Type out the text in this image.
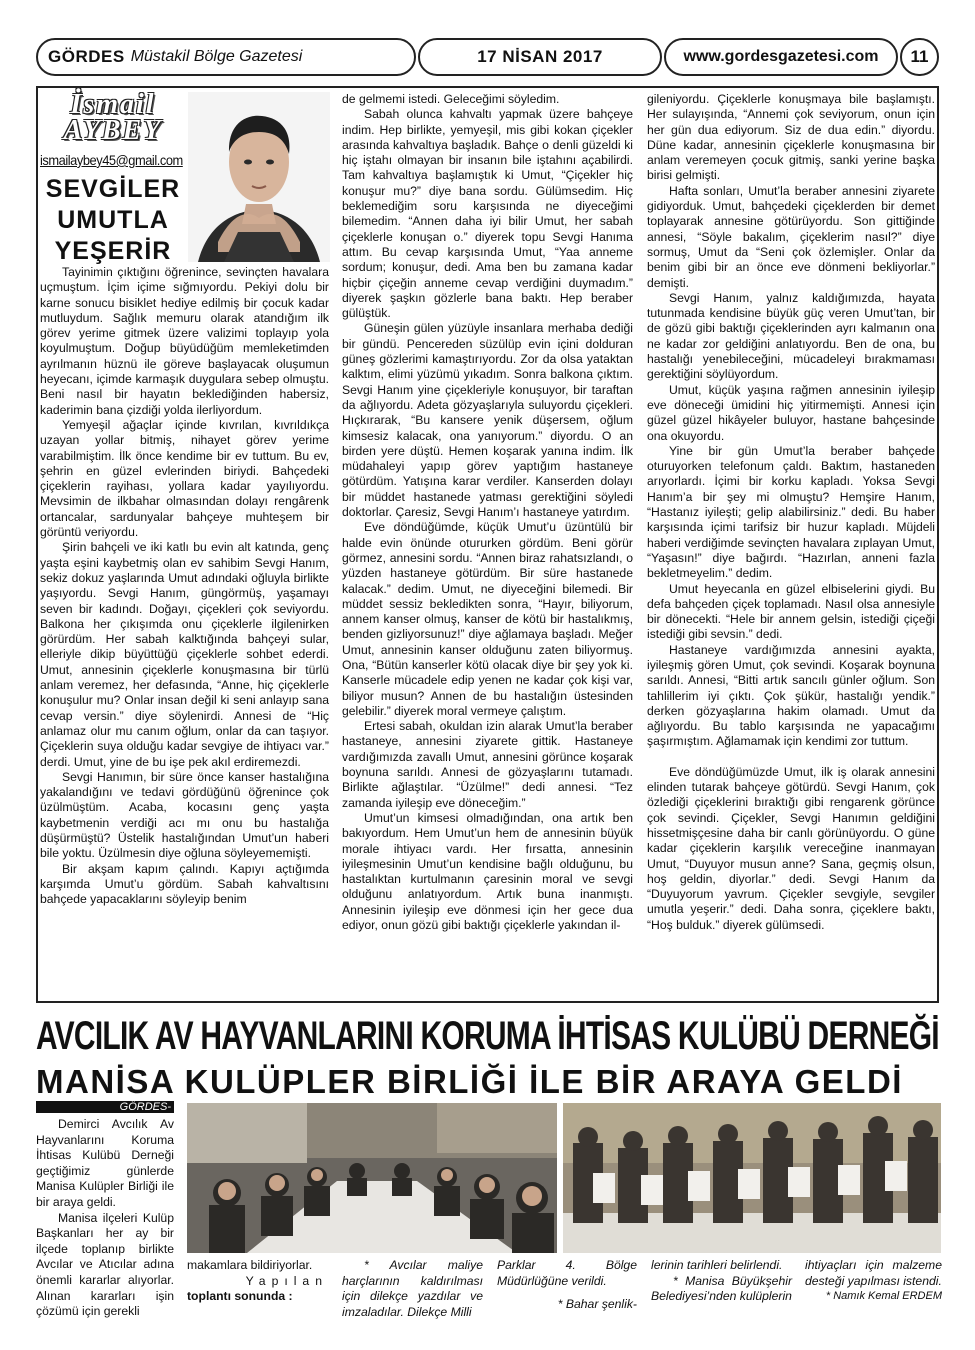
GÖRDES Müstakil Bölge Gazetesi	17 NİSAN 2017	www.gordesgazetesi.com	11
İsmail
AYBEY
ismailaybey45@gmail.com
SEVGİLER UMUTLA YEŞERİR

Tayinimin çıktığını öğrenince, sevinçten havalara uçmuştum. İçim içime sığmıyordu. Pekiyi dolu bir karne sonucu bisiklet hediye edilmiş bir çocuk kadar mutluydum. Sağlık memuru olarak atandığım ilk görev yerime gitmek üzere valizimi toplayıp yola koyulmuştum. Doğup büyüdüğüm memleketimden ayrılmanın hüznü ile göreve başlayacak oluşumun heyecanı, içimde karmaşık duygulara sebep olmuştu. Beni nasıl bir hayatın beklediğinden habersiz, kaderimin bana çizdiği yolda ilerliyordum.

Yemyeşil ağaçlar içinde kıvrılan, kıvrıldıkça uzayan yollar bitmiş, nihayet görev yerime varabilmiştim. İlk önce kendime bir ev tuttum. Bu ev, şehrin en güzel evlerinden biriydi. Bahçedeki çiçeklerin rayihası, yollara kadar yayılıyordu. Mevsimin de ilkbahar olmasından dolayı rengârenk ortancalar, sardunyalar bahçeye muhteşem bir görüntü veriyordu.

Şirin bahçeli ve iki katlı bu evin alt katında, genç yaşta eşini kaybetmiş olan ev sahibim Sevgi Hanım, sekiz dokuz yaşlarında Umut adındaki oğluyla birlikte yaşıyordu. Sevgi Hanım, güngörmüş, yaşamayı seven bir kadındı. Doğayı, çiçekleri çok seviyordu. Balkona her çıkışımda onu çiçeklerle ilgilenirken görürdüm. Her sabah kalktığında bahçeyi sular, elleriyle dikip büyüttüğü çiçeklerle sohbet ederdi. Umut, annesinin çiçeklerle konuşmasına bir türlü anlam veremez, her defasında, “Anne, hiç çiçeklerle konuşulur mu? Onlar insan değil ki seni anlayıp sana cevap versin.” diye söylenirdi. Annesi de “Hiç anlamaz olur mu canım oğlum, onlar da can taşıyor. Çiçeklerin suya olduğu kadar sevgiye de ihtiyacı var.” derdi. Umut, yine de bu işe pek akıl erdiremezdi.

Sevgi Hanımın, bir süre önce kanser hastalığına yakalandığını ve tedavi gördüğünü öğrenince çok üzülmüştüm. Acaba, kocasını genç yaşta kaybetmenin verdiği acı mı onu bu hastalığa düşürmüştü? Üstelik hastalığından Umut’un haberi bile yoktu. Üzülmesin diye oğluna söyleyememişti.

Bir akşam kapım çalındı. Kapıyı açtığımda karşımda Umut’u gördüm. Sabah kahvaltısını bahçede yapacaklarını söyleyip benim

de gelmemi istedi. Geleceğimi söyledim.

Sabah olunca kahvaltı yapmak üzere bahçeye indim. Hep birlikte, yemyeşil, mis gibi kokan çiçekler arasında kahvaltıya başladık. Bahçe o denli güzeldi ki hiç iştahı olmayan bir insanın bile iştahını açabilirdi. Tam kahvaltıya başlamıştık ki Umut, “Çiçekler hiç konuşur mu?” diye bana sordu. Gülümsedim. Hiç beklemediğim soru karşısında ne diyeceğimi bilemedim. “Annen daha iyi bilir Umut, her sabah çiçeklerle konuşan o.” diyerek topu Sevgi Hanıma attım. Bu cevap karşısında Umut, “Yaa anneme sordum; konuşur, dedi. Ama ben bu zamana kadar hiçbir çiçeğin anneme cevap verdiğini duymadım.” diyerek şaşkın gözlerle bana baktı. Hep beraber gülüştük.

Güneşin gülen yüzüyle insanlara merhaba dediği bir gündü. Pencereden süzülüp evin içini dolduran güneş gözlerimi kamaştırıyordu. Zor da olsa yataktan kalktım, elimi yüzümü yıkadım. Sonra balkona çıktım. Sevgi Hanım yine çiçekleriyle konuşuyor, bir taraftan da ağlıyordu. Adeta gözyaşlarıyla suluyordu çiçekleri. Hıçkırarak, “Bu kansere yenik düşersem, oğlum kimsesiz kalacak, ona yanıyorum.” diyordu. O an birden yere düştü. Hemen koşarak yanına indim. İlk müdahaleyi yapıp görev yaptığım hastaneye götürdüm. Yatışına karar verdiler. Kanserden dolayı bir müddet hastanede yatması gerektiğini söyledi doktorlar. Çaresiz, Sevgi Hanım’ı hastaneye yatırdım.

Eve döndüğümde, küçük Umut’u üzüntülü bir halde evin önünde otururken gördüm. Beni görür görmez, annesini sordu. “Annen biraz rahatsızlandı, o yüzden hastaneye götürdüm. Bir süre hastanede kalacak.” dedim. Umut, ne diyeceğini bilemedi. Bir müddet sessiz bekledikten sonra, “Hayır, biliyorum, annem kanser olmuş, kanser de kötü bir hastalıkmış, benden gizliyorsunuz!” diye ağlamaya başladı. Meğer Umut, annesinin kanser olduğunu zaten biliyormuş. Ona, “Bütün kanserler kötü olacak diye bir şey yok ki. Kanserle mücadele edip yenen ne kadar çok kişi var, biliyor musun? Annen de bu hastalığın üstesinden gelebilir.” diyerek moral vermeye çalıştım.

Ertesi sabah, okuldan izin alarak Umut’la beraber hastaneye, annesini ziyarete gittik. Hastaneye vardığımızda zavallı Umut, annesini görünce koşarak boynuna sarıldı. Annesi de gözyaşlarını tutamadı. Birlikte ağlaştılar. “Üzülme!” dedi annesi. “Tez zamanda iyileşip eve döneceğim.”

Umut’un kimsesi olmadığından, ona artık ben bakıyordum. Hem Umut’un hem de annesinin büyük morale ihtiyacı vardı. Her fırsatta, annesinin iyileşmesinin Umut’un kendisine bağlı olduğunu, bu hastalıktan kurtulmanın çaresinin moral ve sevgi olduğunu anlatıyordum. Artık buna inanmıştı. Annesinin iyileşip eve dönmesi için her gece dua ediyor, onun gözü gibi baktığı çiçeklerle yakından il-

gileniyordu. Çiçeklerle konuşmaya bile başlamıştı. Her sulayışında, “Annemi çok seviyorum, onun için her gün dua ediyorum. Siz de dua edin.” diyordu. Düne kadar, annesinin çiçeklerle konuşmasına bir anlam veremeyen çocuk gitmiş, sanki yerine başka birisi gelmişti.

Hafta sonları, Umut’la beraber annesini ziyarete gidiyorduk. Umut, bahçedeki çiçeklerden bir demet toplayarak annesine götürüyordu. Son gittiğinde annesi, “Söyle bakalım, çiçeklerim nasıl?” diye sormuş, Umut da “Seni çok özlemişler. Onlar da benim gibi bir an önce eve dönmeni bekliyorlar.” demişti.

Sevgi Hanım, yalnız kaldığımızda, hayata tutunmada kendisine büyük güç veren Umut’tan, bir de gözü gibi baktığı çiçeklerinden ayrı kalmanın ona ne kadar zor geldiğini anlatıyordu. Ben de ona, bu hastalığı yenebileceğini, mücadeleyi bırakmaması gerektiğini söylüyordum.

Umut, küçük yaşına rağmen annesinin iyileşip eve döneceği ümidini hiç yitirmemişti. Annesi için güzel güzel hikâyeler buluyor, hastane bahçesinde ona okuyordu.

Yine bir gün Umut’la beraber bahçede oturuyorken telefonum çaldı. Baktım, hastaneden arıyorlardı. İçimi bir korku kapladı. Yoksa Sevgi Hanım’a bir şey mi olmuştu? Hemşire Hanım, “Hastanız iyileşti; gelip alabilirsiniz.” dedi. Bu haber karşısında içimi tarifsiz bir huzur kapladı. Müjdeli haberi verdiğimde sevinçten havalara zıplayan Umut, “Yaşasın!” diye bağırdı. “Hazırlan, anneni fazla bekletmeyelim.” dedim.

Umut heyecanla en güzel elbiselerini giydi. Bu defa bahçeden çiçek toplamadı. Nasıl olsa annesiyle bir dönecekti. “Hele bir annem gelsin, istediği çiçeği istediği gibi sevsin.” dedi.

Hastaneye vardığımızda annesini ayakta, iyileşmiş gören Umut, çok sevindi. Koşarak boynuna sarıldı. Annesi, “Bitti artık sancılı günler oğlum. Son tahlillerim iyi çıktı. Çok şükür, hastalığı yendik.” derken gözyaşlarına hakim olamadı. Umut da ağlıyordu. Bu tablo karşısında ne yapacağımı şaşırmıştım. Ağlamamak için kendimi zor tuttum.

Eve döndüğümüzde Umut, ilk iş olarak annesini elinden tutarak bahçeye götürdü. Sevgi Hanım, çok özlediği çiçeklerini bıraktığı gibi rengarenk görünce çok sevindi. Çiçekler, Sevgi Hanımın geldiğini hissetmişçesine daha bir canlı görünüyordu. O güne kadar çiçeklerin karşılık vereceğine inanmayan Umut, “Duyuyor musun anne? Sana, geçmiş olsun, hoş geldin, diyorlar.” dedi. Sevgi Hanım da “Duyuyorum yavrum. Çiçekler sevgiyle, sevgiler umutla yeşerir.” dedi. Daha sonra, çiçeklere baktı, “Hoş bulduk.” diyerek gülümsedi.

AVCILIK AV HAYVANLARINI KORUMA İHTİSAS KULÜBÜ DERNEĞİ
MANİSA KULÜPLER BİRLİĞİ İLE BİR ARAYA GELDİ
GÖRDES-

Demirci Avcılık Av Hayvanlarını Koruma İhtisas Kulübü Derneği geçtiğimiz günlerde Manisa Kulüpler Birliği ile bir araya geldi.

Manisa ilçeleri Kulüp Başkanları her ay bir ilçede toplanıp birlikte Avcılar ve Atıcılar adına önemli kararlar alıyorlar. Alınan kararları işin çözümü için gerekli

makamlara bildiriyorlar.

Yapılan

toplantı sonunda :

* Avcılar maliye harçlarının kaldırılması için dilekçe yazdılar ve imzaladılar. Dilekçe Milli

Parklar 4. Bölge Müdürlüğüne verildi.

* Bahar şenlik-

lerinin tarihleri belirlendi.

* Manisa Büyükşehir Belediyesi’nden kulüplerin

ihtiyaçları için malzeme desteği yapılması istendi.

* Namık Kemal ERDEM
